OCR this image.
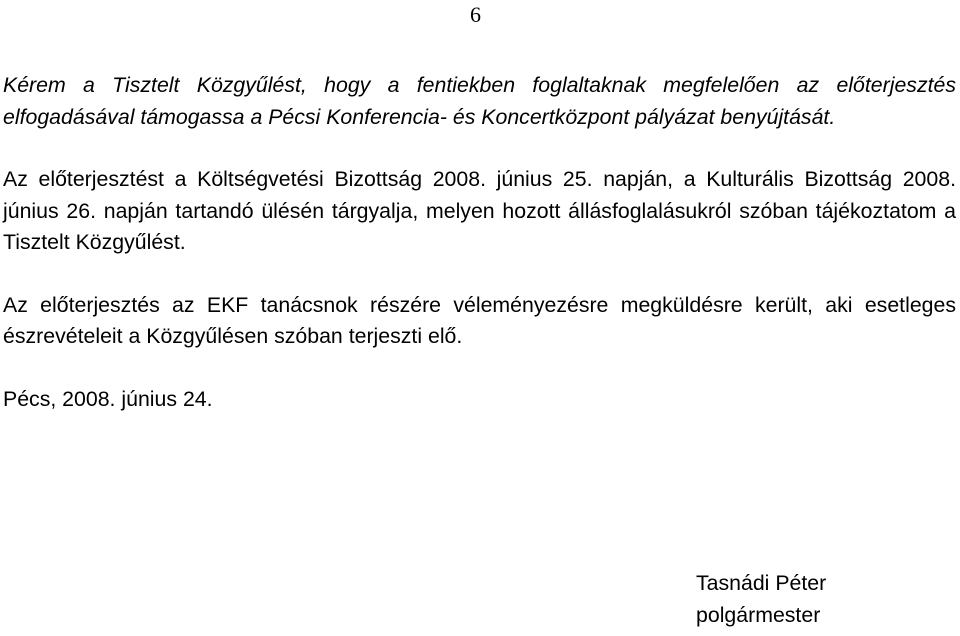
6

Kérem a Tisztelt Közgyűlést, hogy a fentiekben foglaltaknak megfelelően az előterjesztés elfogadásával támogassa a Pécsi Konferencia- és Koncertközpont pályázat benyújtását.

Az előterjesztést a Költségvetési Bizottság 2008. június 25. napján, a Kulturális Bizottság 2008. június 26. napján tartandó ülésén tárgyalja, melyen hozott állásfoglalásukról szóban tájékoztatom a Tisztelt Közgyűlést.

Az előterjesztés az EKF tanácsnok részére véleményezésre megküldésre került, aki esetleges észrevételeit a Közgyűlésen szóban terjeszti elő.

Pécs, 2008. június 24.

Tasnádi Péter
polgármester
